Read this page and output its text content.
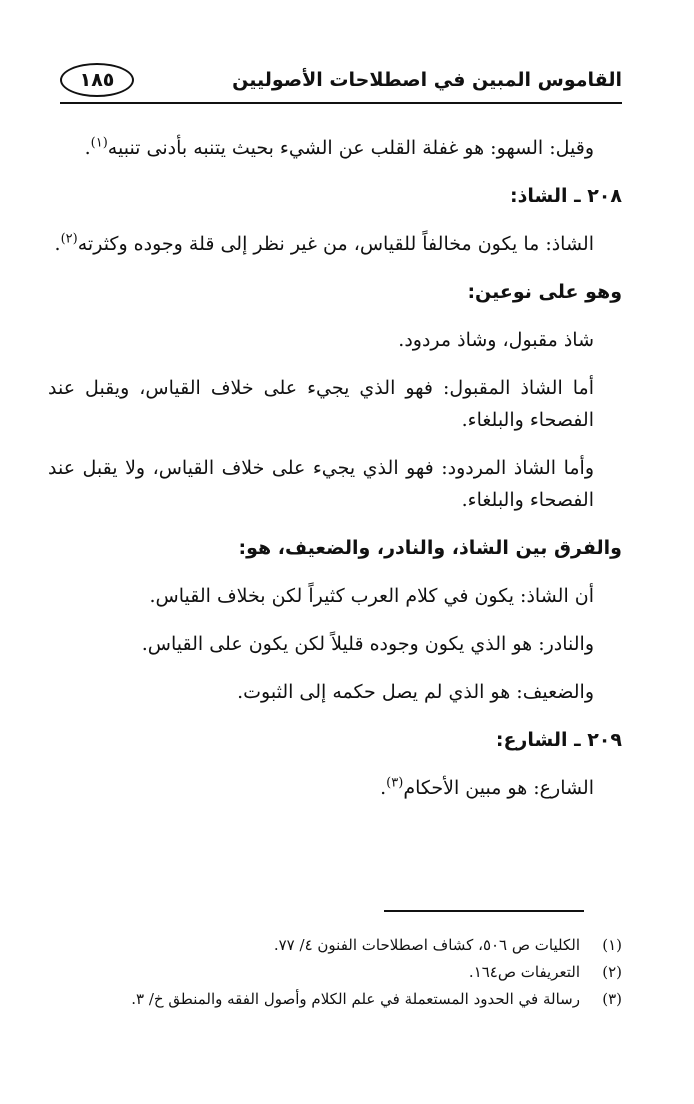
القاموس المبين في اصطلاحات الأصوليين
١٨٥

وقيل: السهو: هو غفلة القلب عن الشيء بحيث يتنبه بأدنى تنبيه$^{(١)}$.

٢٠٨ ـ الشاذ:

الشاذ: ما يكون مخالفاً للقياس، من غير نظر إلى قلة وجوده وكثرته$^{(٢)}$.

وهو على نوعين:

شاذ مقبول، وشاذ مردود.

أما الشاذ المقبول: فهو الذي يجيء على خلاف القياس، ويقبل عند الفصحاء والبلغاء.

وأما الشاذ المردود: فهو الذي يجيء على خلاف القياس، ولا يقبل عند الفصحاء والبلغاء.

والفرق بين الشاذ، والنادر، والضعيف، هو:

أن الشاذ: يكون في كلام العرب كثيراً لكن بخلاف القياس.

والنادر: هو الذي يكون وجوده قليلاً لكن يكون على القياس.

والضعيف: هو الذي لم يصل حكمه إلى الثبوت.

٢٠٩ ـ الشارع:

الشارع: هو مبين الأحكام$^{(٣)}$.

(١)
الكليات ص ٥٠٦، كشاف اصطلاحات الفنون ٤/ ٧٧.
(٢)
التعريفات ص١٦٤.
(٣)
رسالة في الحدود المستعملة في علم الكلام وأصول الفقه والمنطق خ/ ٣.
